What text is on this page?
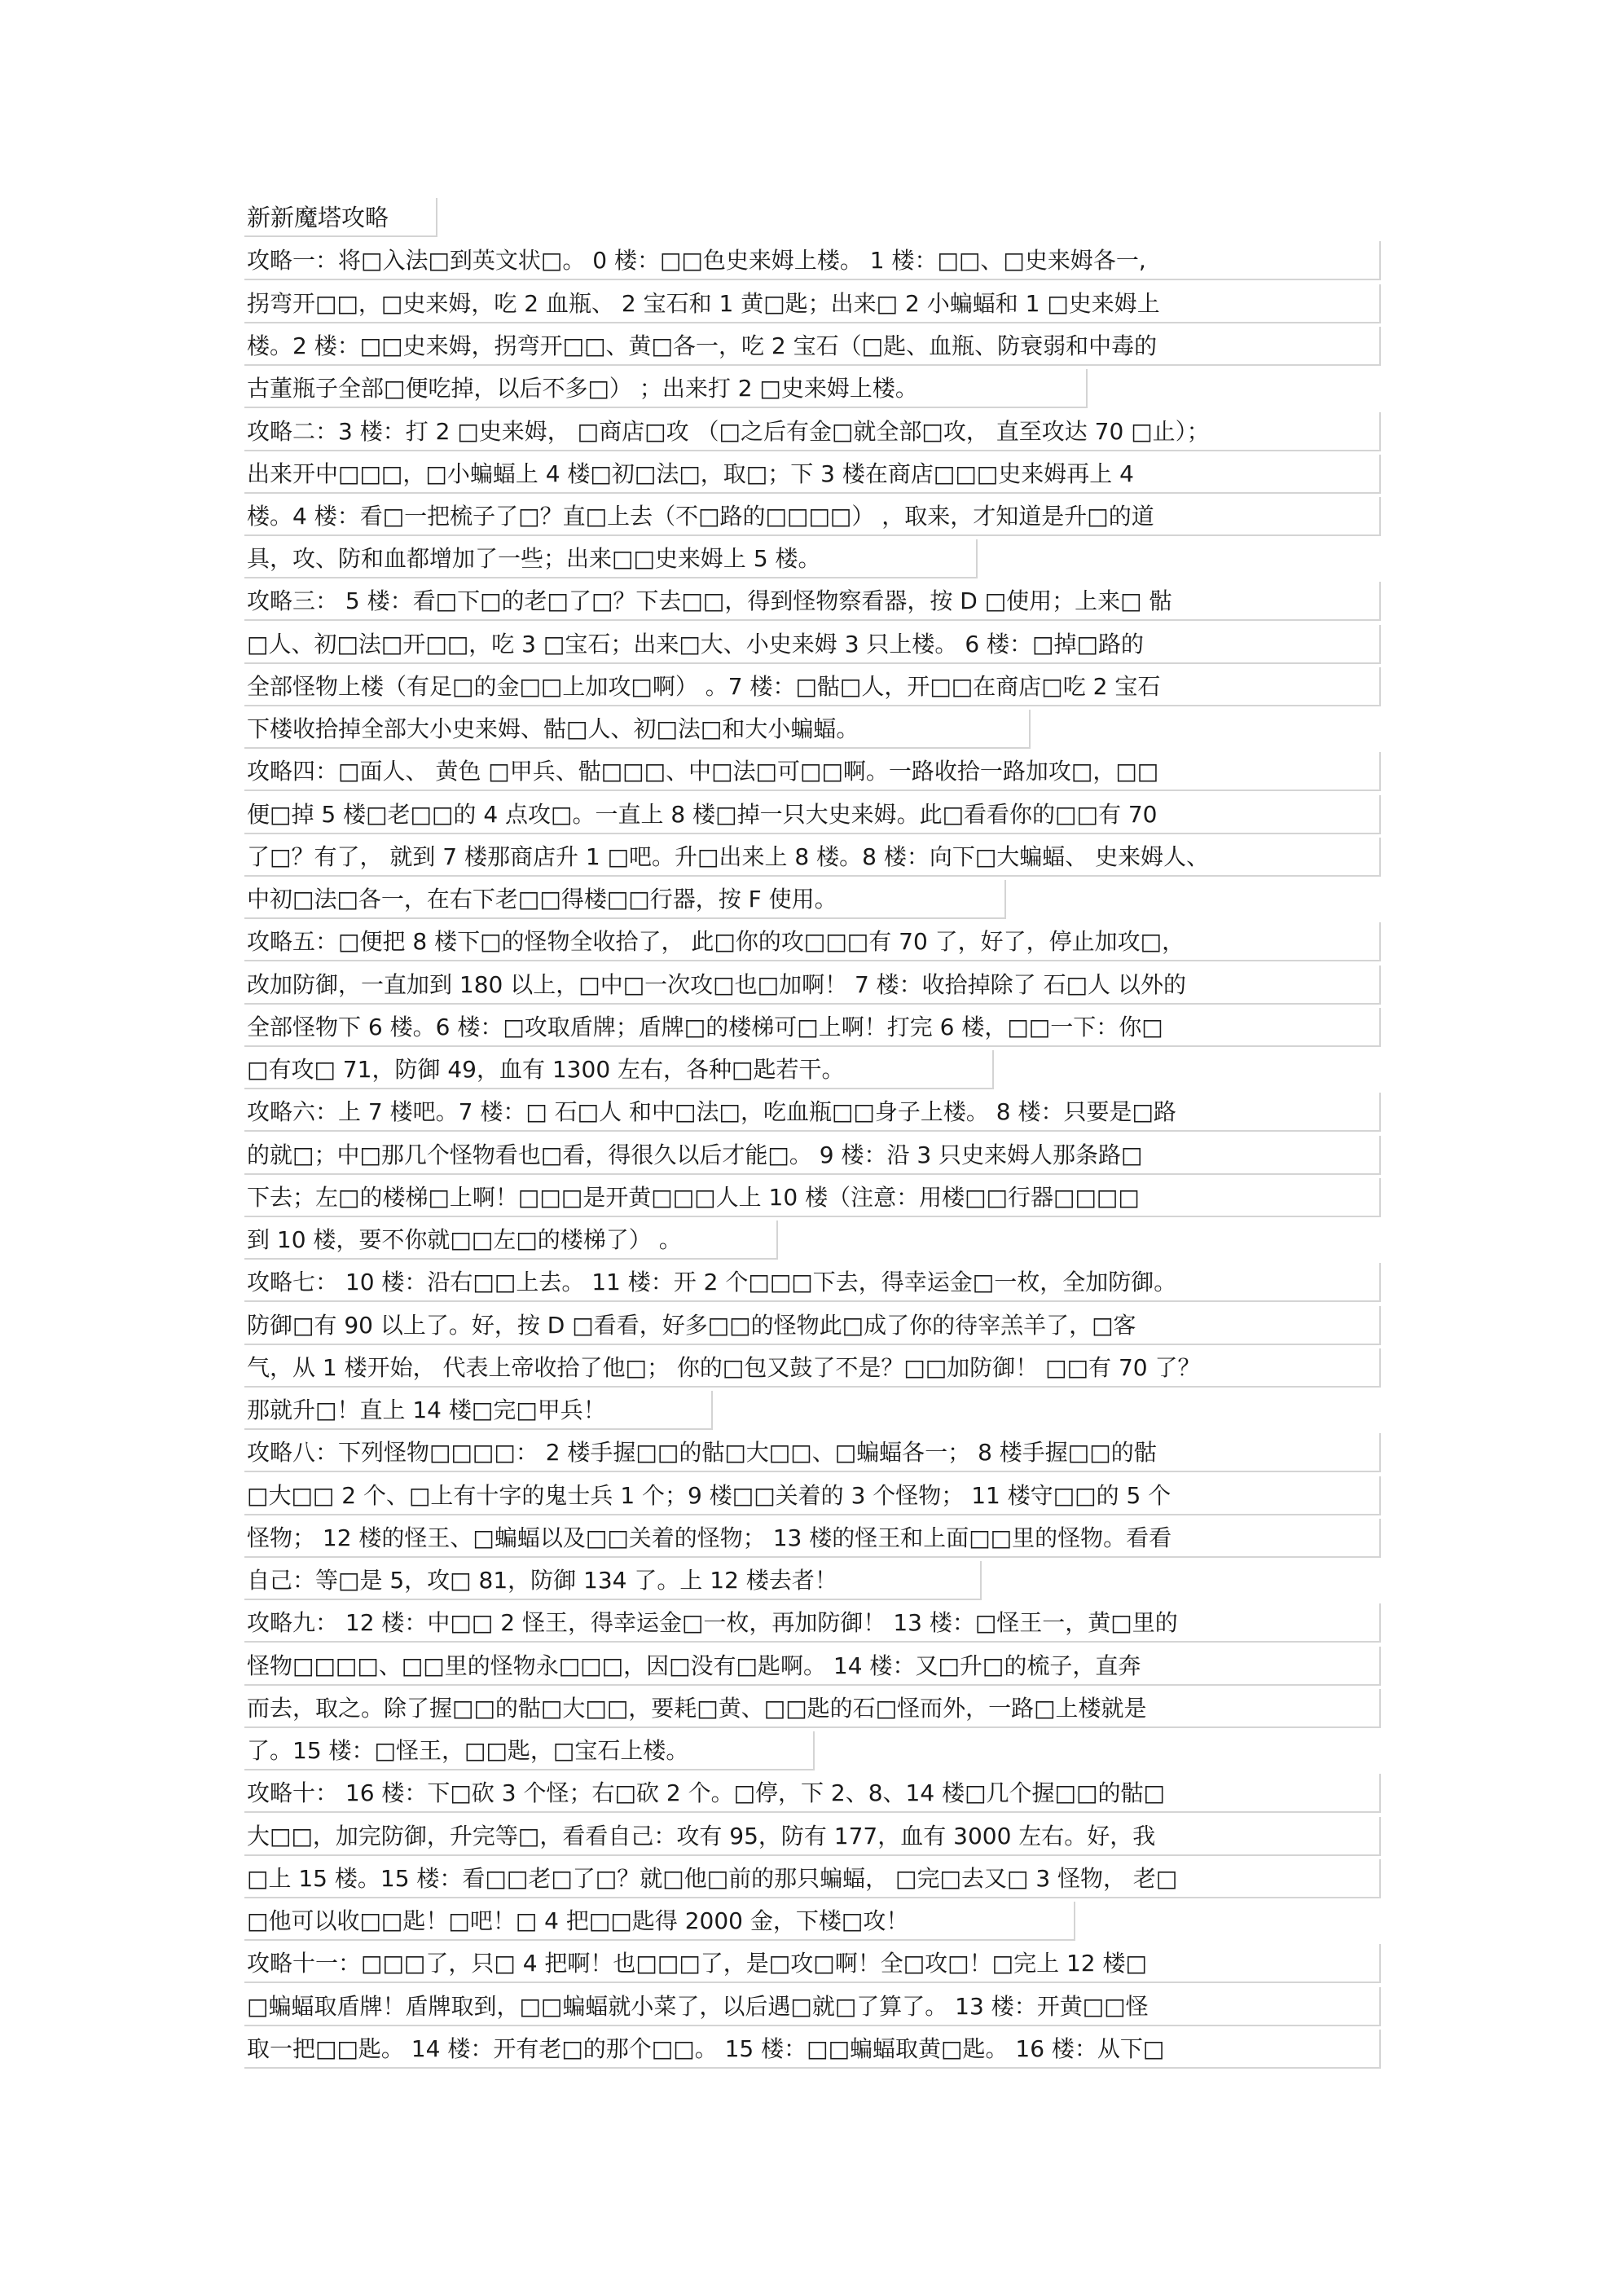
新新魔塔攻略
攻略一：将□入法□到英文状□。 0 楼：□□色史来姆上楼。 1 楼：□□、□史来姆各一,
拐弯开□□，□史来姆，吃 2 血瓶、 2 宝石和 1 黄□匙；出来□ 2 小蝙蝠和 1 □史来姆上
楼。2 楼：□□史来姆，拐弯开□□、黄□各一，吃 2 宝石（□匙、血瓶、防衰弱和中毒的
古董瓶子全部□便吃掉，以后不多□） ；出来打 2 □史来姆上楼。
攻略二：3 楼：打 2 □史来姆， □商店□攻 （□之后有金□就全部□攻， 直至攻达 70 □止）；
出来开中□□□，□小蝙蝠上 4 楼□初□法□，取□；下 3 楼在商店□□□史来姆再上 4
楼。4 楼：看□一把梳子了□？直□上去（不□路的□□□□） ，取来，才知道是升□的道
具，攻、防和血都增加了一些；出来□□史来姆上 5 楼。
攻略三： 5 楼：看□下□的老□了□？下去□□，得到怪物察看器，按 D □使用；上来□ 骷
□人、初□法□开□□，吃 3 □宝石；出来□大、小史来姆 3 只上楼。 6 楼：□掉□路的
全部怪物上楼（有足□的金□□上加攻□啊） 。7 楼：□骷□人，开□□在商店□吃 2 宝石
下楼收拾掉全部大小史来姆、骷□人、初□法□和大小蝙蝠。
攻略四：□面人、 黄色 □甲兵、骷□□□、中□法□可□□啊。一路收拾一路加攻□，□□
便□掉 5 楼□老□□的 4 点攻□。一直上 8 楼□掉一只大史来姆。此□看看你的□□有 70
了□？有了， 就到 7 楼那商店升 1 □吧。升□出来上 8 楼。8 楼：向下□大蝙蝠、 史来姆人、
中初□法□各一，在右下老□□得楼□□行器，按 F 使用。
攻略五：□便把 8 楼下□的怪物全收拾了， 此□你的攻□□□有 70 了，好了，停止加攻□，
改加防御，一直加到 180 以上，□中□一次攻□也□加啊！ 7 楼：收拾掉除了 石□人 以外的
全部怪物下 6 楼。6 楼：□攻取盾牌；盾牌□的楼梯可□上啊！打完 6 楼，□□一下：你□
□有攻□ 71，防御 49，血有 1300 左右，各种□匙若干。
攻略六：上 7 楼吧。7 楼：□ 石□人 和中□法□，吃血瓶□□身子上楼。 8 楼：只要是□路
的就□；中□那几个怪物看也□看，得很久以后才能□。 9 楼：沿 3 只史来姆人那条路□
下去；左□的楼梯□上啊！□□□是开黄□□□人上 10 楼（注意：用楼□□行器□□□□
到 10 楼，要不你就□□左□的楼梯了） 。
攻略七： 10 楼：沿右□□上去。 11 楼：开 2 个□□□下去，得幸运金□一枚，全加防御。
防御□有 90 以上了。好，按 D □看看，好多□□的怪物此□成了你的待宰羔羊了，□客
气，从 1 楼开始， 代表上帝收拾了他□； 你的□包又鼓了不是？□□加防御！ □□有 70 了？
那就升□！直上 14 楼□完□甲兵！
攻略八：下列怪物□□□□： 2 楼手握□□的骷□大□□、□蝙蝠各一； 8 楼手握□□的骷
□大□□ 2 个、□上有十字的鬼士兵 1 个；9 楼□□关着的 3 个怪物； 11 楼守□□的 5 个
怪物； 12 楼的怪王、□蝙蝠以及□□关着的怪物； 13 楼的怪王和上面□□里的怪物。看看
自己：等□是 5，攻□ 81，防御 134 了。上 12 楼去者！
攻略九： 12 楼：中□□ 2 怪王，得幸运金□一枚，再加防御！ 13 楼：□怪王一，黄□里的
怪物□□□□、□□里的怪物永□□□，因□没有□匙啊。 14 楼：又□升□的梳子，直奔
而去，取之。除了握□□的骷□大□□，要耗□黄、□□匙的石□怪而外，一路□上楼就是
了。15 楼：□怪王，□□匙，□宝石上楼。
攻略十： 16 楼：下□砍 3 个怪；右□砍 2 个。□停，下 2、8、14 楼□几个握□□的骷□
大□□，加完防御，升完等□，看看自己：攻有 95，防有 177，血有 3000 左右。好，我
□上 15 楼。15 楼：看□□老□了□？就□他□前的那只蝙蝠， □完□去又□ 3 怪物， 老□
□他可以收□□匙！□吧！□ 4 把□□匙得 2000 金，下楼□攻！
攻略十一：□□□了，只□ 4 把啊！也□□□了，是□攻□啊！全□攻□！□完上 12 楼□
□蝙蝠取盾牌！盾牌取到，□□蝙蝠就小菜了，以后遇□就□了算了。 13 楼：开黄□□怪
取一把□□匙。 14 楼：开有老□的那个□□。 15 楼：□□蝙蝠取黄□匙。 16 楼：从下□
